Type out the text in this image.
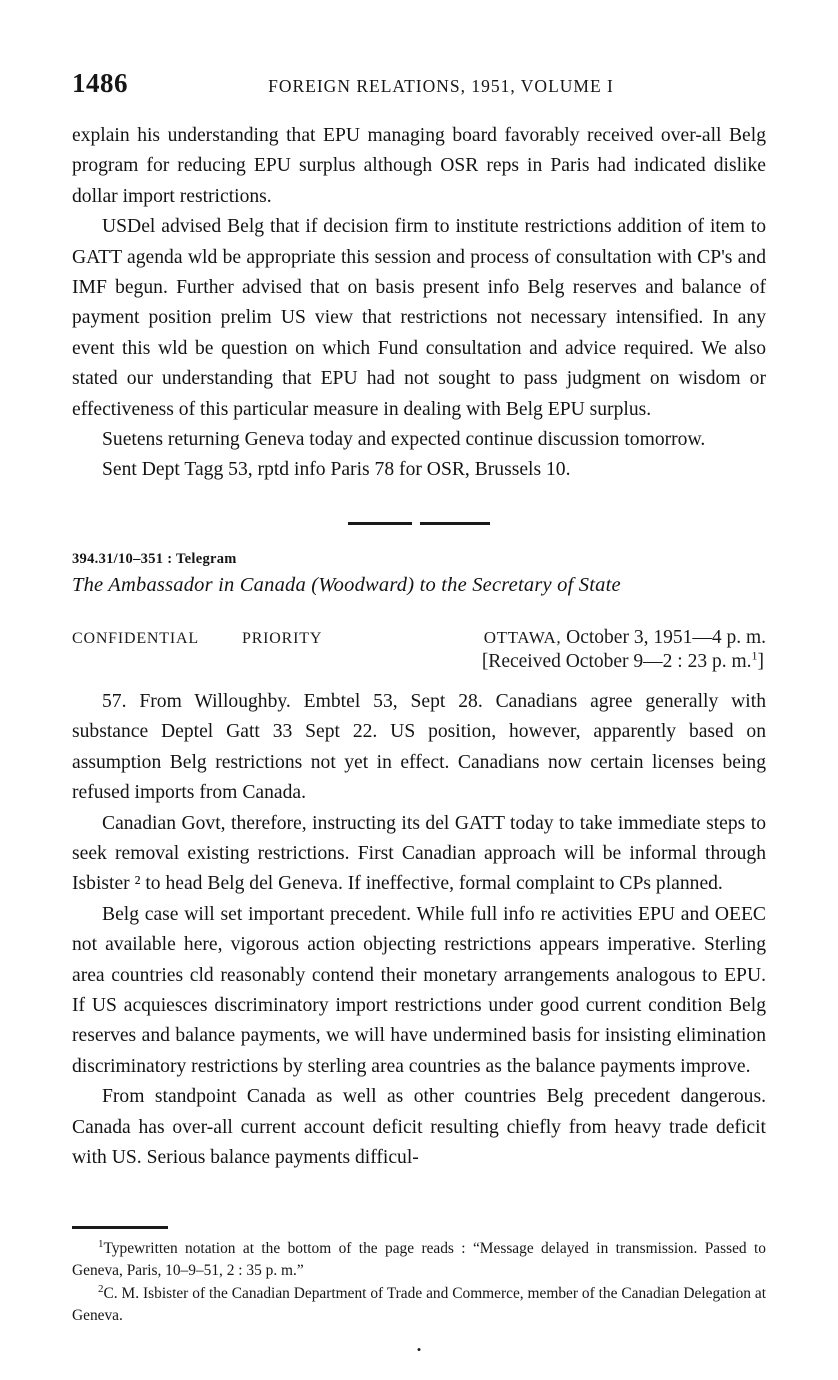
1486	FOREIGN RELATIONS, 1951, VOLUME I

explain his understanding that EPU managing board favorably received over-all Belg program for reducing EPU surplus although OSR reps in Paris had indicated dislike dollar import restrictions.

USDel advised Belg that if decision firm to institute restrictions addition of item to GATT agenda wld be appropriate this session and process of consultation with CP's and IMF begun. Further advised that on basis present info Belg reserves and balance of payment position prelim US view that restrictions not necessary intensified. In any event this wld be question on which Fund consultation and advice required. We also stated our understanding that EPU had not sought to pass judgment on wisdom or effectiveness of this particular measure in dealing with Belg EPU surplus.

Suetens returning Geneva today and expected continue discussion tomorrow.

Sent Dept Tagg 53, rptd info Paris 78 for OSR, Brussels 10.

394.31/10–351 : Telegram

The Ambassador in Canada (Woodward) to the Secretary of State

CONFIDENTIAL	PRIORITY	OTTAWA, October 3, 1951—4 p. m.
[Received October 9—2 : 23 p. m.$^1$]

57. From Willoughby. Embtel 53, Sept 28. Canadians agree generally with substance Deptel Gatt 33 Sept 22. US position, however, apparently based on assumption Belg restrictions not yet in effect. Canadians now certain licenses being refused imports from Canada.

Canadian Govt, therefore, instructing its del GATT today to take immediate steps to seek removal existing restrictions. First Canadian approach will be informal through Isbister ² to head Belg del Geneva. If ineffective, formal complaint to CPs planned.

Belg case will set important precedent. While full info re activities EPU and OEEC not available here, vigorous action objecting restrictions appears imperative. Sterling area countries cld reasonably contend their monetary arrangements analogous to EPU. If US acquiesces discriminatory import restrictions under good current condition Belg reserves and balance payments, we will have undermined basis for insisting elimination discriminatory restrictions by sterling area countries as the balance payments improve.

From standpoint Canada as well as other countries Belg precedent dangerous. Canada has over-all current account deficit resulting chiefly from heavy trade deficit with US. Serious balance payments difficul-

$^1$Typewritten notation at the bottom of the page reads : “Message delayed in transmission. Passed to Geneva, Paris, 10–9–51, 2 : 35 p. m.”

$^2$C. M. Isbister of the Canadian Department of Trade and Commerce, member of the Canadian Delegation at Geneva.

•
